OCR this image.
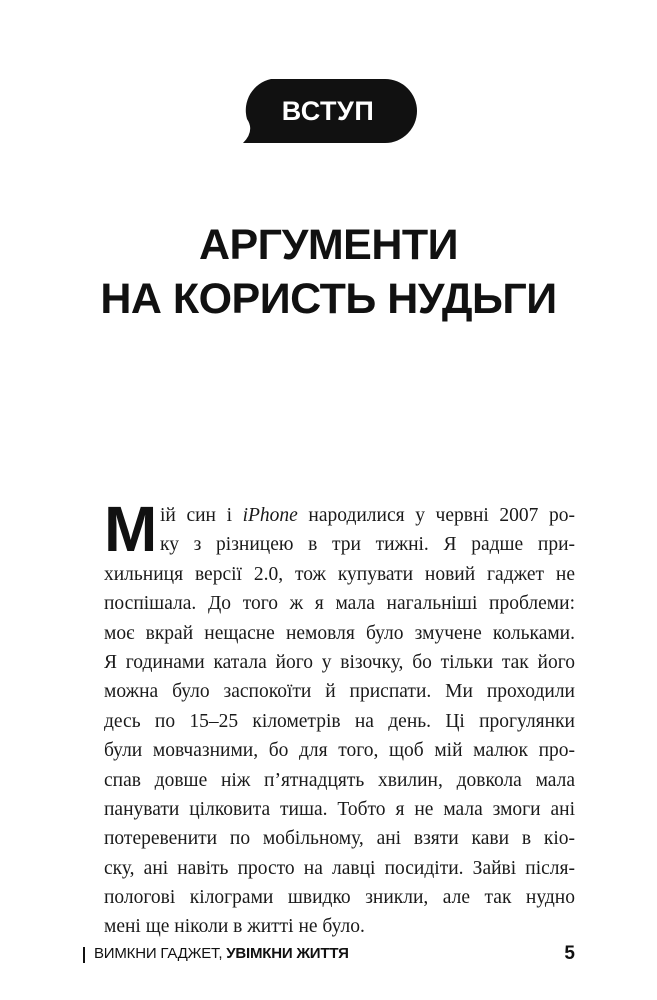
ВСТУП
АРГУМЕНТИ
НА КОРИСТЬ НУДЬГИ
М ій син і iPhone народилися у червні 2007 ро-
ку з різницею в три тижні. Я радше при-
хильниця версії 2.0, тож купувати новий гаджет не
поспішала. До того ж я мала нагальніші проблеми:
моє вкрай нещасне немовля було змучене кольками.
Я годинами катала його у візочку, бо тільки так його
можна було заспокоїти й приспати. Ми проходили
десь по 15–25 кілометрів на день. Ці прогулянки
були мовчазними, бо для того, щоб мій малюк про-
спав довше ніж п’ятнадцять хвилин, довкола мала
панувати цілковита тиша. Тобто я не мала змоги ані
потеревенити по мобільному, ані взяти кави в кіо-
ску, ані навіть просто на лавці посидіти. Зайві після-
пологові кілограми швидко зникли, але так нудно
мені ще ніколи в житті не було.
ВИМКНИ ГАДЖЕТ, УВІМКНИ ЖИТТЯ	5
